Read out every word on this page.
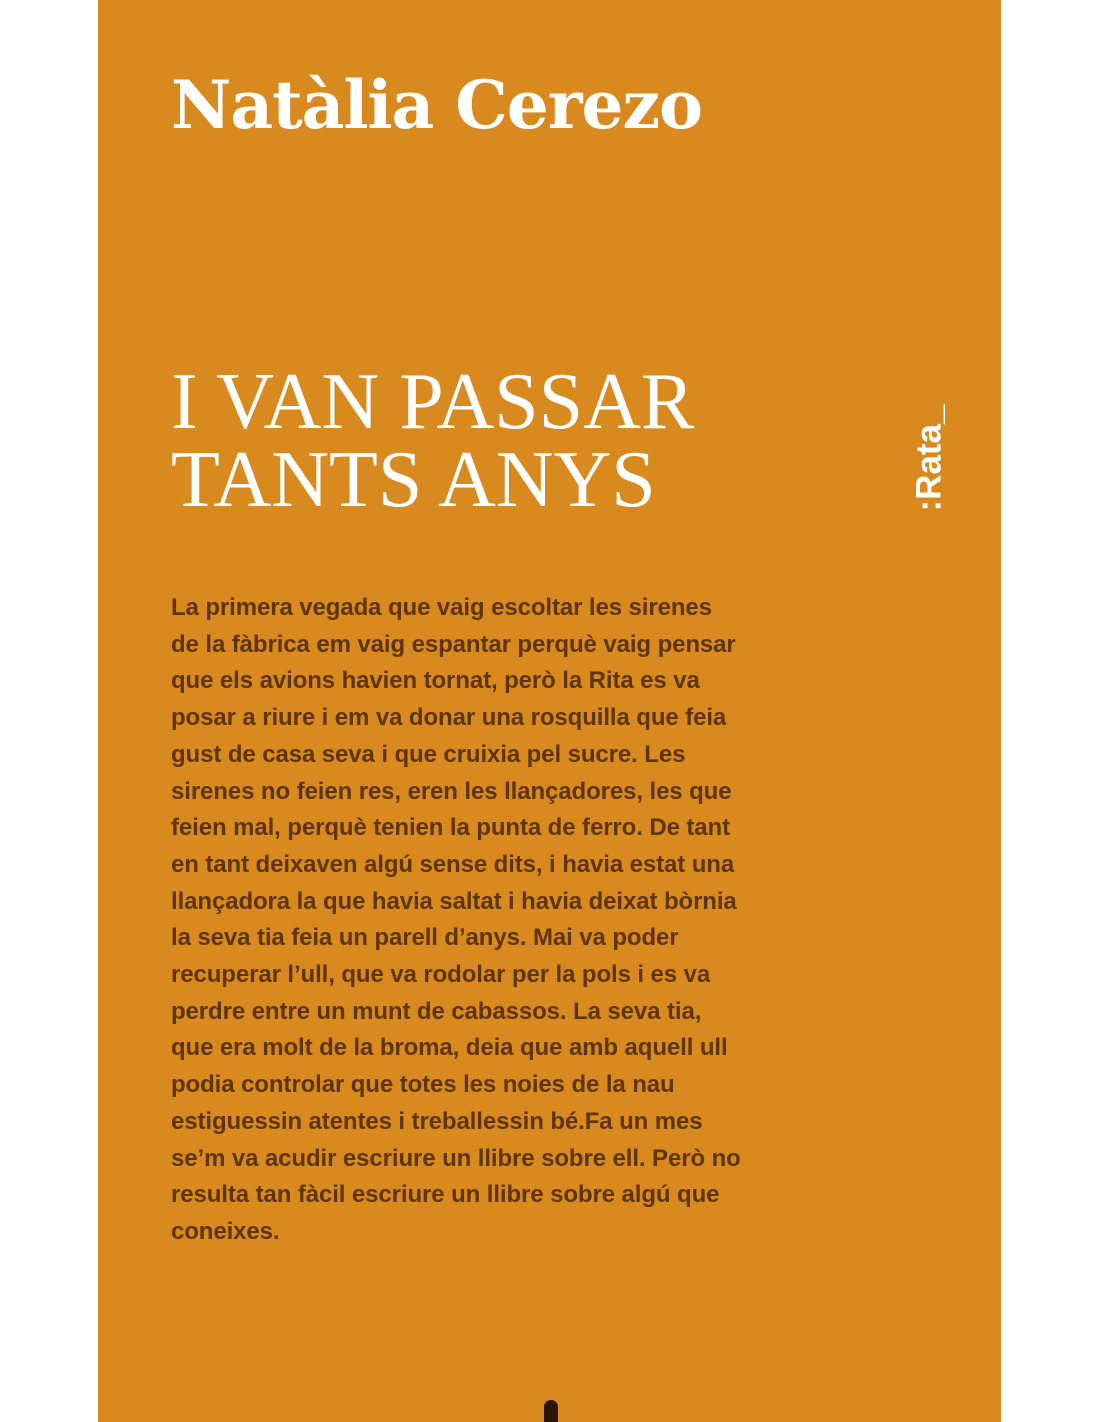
Natàlia Cerezo
I VAN PASSAR
TANTS ANYS	:Rata_
La primera vegada que vaig escoltar les sirenes
de la fàbrica em vaig espantar perquè vaig pensar
que els avions havien tornat, però la Rita es va
posar a riure i em va donar una rosquilla que feia
gust de casa seva i que cruixia pel sucre. Les
sirenes no feien res, eren les llançadores, les que
feien mal, perquè tenien la punta de ferro. De tant
en tant deixaven algú sense dits, i havia estat una
llançadora la que havia saltat i havia deixat bòrnia
la seva tia feia un parell d’anys. Mai va poder
recuperar l’ull, que va rodolar per la pols i es va
perdre entre un munt de cabassos. La seva tia,
que era molt de la broma, deia que amb aquell ull
podia controlar que totes les noies de la nau
estiguessin atentes i treballessin bé.Fa un mes
se’m va acudir escriure un llibre sobre ell. Però no
resulta tan fàcil escriure un llibre sobre algú que
coneixes.
